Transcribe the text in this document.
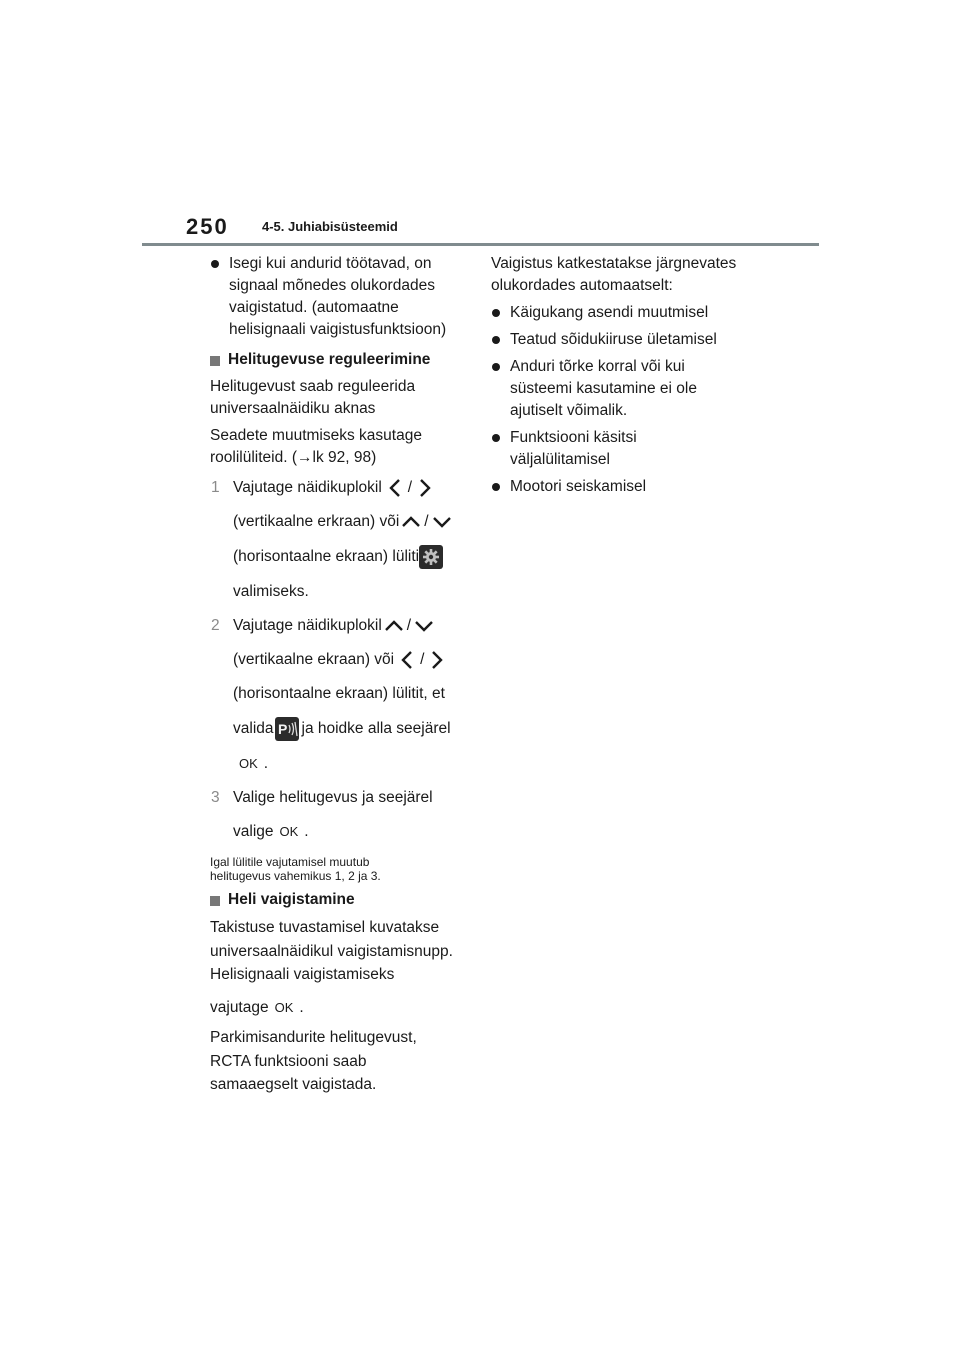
250	4-5. Juhiabisüsteemid

Isegi kui andurid töötavad, on

signaal mõnedes olukordades

vaigistatud. (automaatne

helisignaali vaigistusfunktsioon)

Helitugevuse reguleerimine

Helitugevust saab reguleerida

universaalnäidiku aknas

Seadete muutmiseks kasutage

roolilüliteid. (→lk 92, 98)

1 Vajutage näidikuplokil /
(vertikaalne erkraan) või /
(horisontaalne ekraan) lüliti
valimiseks.
2 Vajutage näidikuplokil /
(vertikaalne ekraan) või /
(horisontaalne ekraan) lülitit, et
valida P ja hoidke alla seejärel
OK .
3 Valige helitugevus ja seejärel
valige OK .

Igal lülitile vajutamisel muutub

helitugevus vahemikus 1, 2 ja 3.

Heli vaigistamine

Takistuse tuvastamisel kuvatakse

universaalnäidikul vaigistamisnupp.

Helisignaali vaigistamiseks

vajutage OK .

Parkimisandurite helitugevust,

RCTA funktsiooni saab

samaaegselt vaigistada.

Vaigistus katkestatakse järgnevates

olukordades automaatselt:

Käigukang asendi muutmisel

Teatud sõidukiiruse ületamisel

Anduri tõrke korral või kui

süsteemi kasutamine ei ole

ajutiselt võimalik.

Funktsiooni käsitsi

väljalülitamisel

Mootori seiskamisel
